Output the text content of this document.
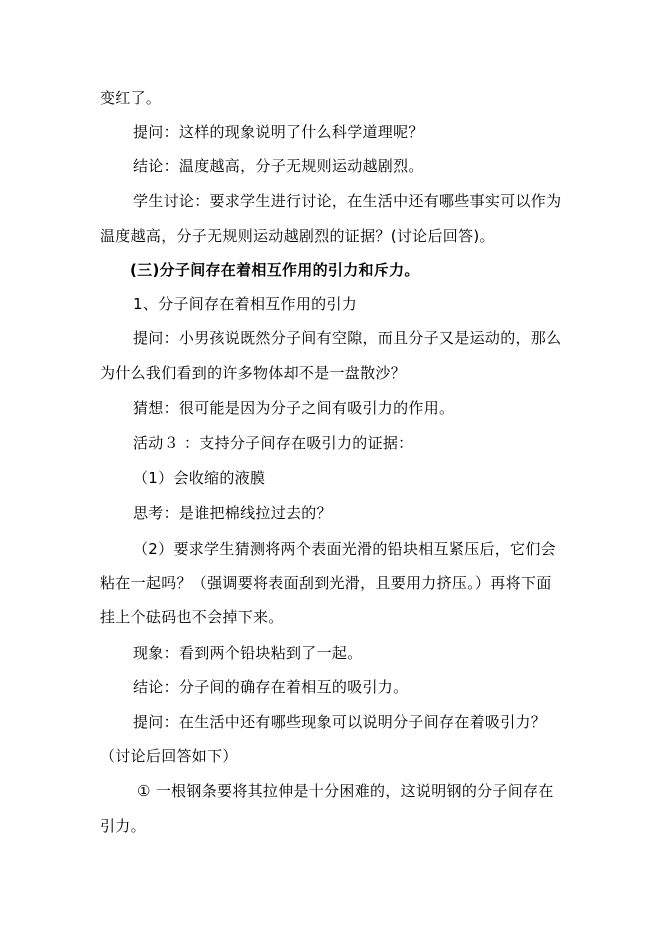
变红了。
提问：这样的现象说明了什么科学道理呢？
结论：温度越高，分子无规则运动越剧烈。
学生讨论：要求学生进行讨论，在生活中还有哪些事实可以作为
温度越高，分子无规则运动越剧烈的证据？(讨论后回答)。
(三)分子间存在着相互作用的引力和斥力。
1、分子间存在着相互作用的引力
提问：小男孩说既然分子间有空隙，而且分子又是运动的，那么
为什么我们看到的许多物体却不是一盘散沙？
猜想：很可能是因为分子之间有吸引力的作用。
活动３ ：支持分子间存在吸引力的证据：
（1）会收缩的液膜
思考：是谁把棉线拉过去的？
（2）要求学生猜测将两个表面光滑的铅块相互紧压后，它们会
粘在一起吗？（强调要将表面刮到光滑，且要用力挤压。）再将下面
挂上个砝码也不会掉下来。
现象：看到两个铅块粘到了一起。
结论：分子间的确存在着相互的吸引力。
提问：在生活中还有哪些现象可以说明分子间存在着吸引力？
（讨论后回答如下）
① 一根钢条要将其拉伸是十分困难的，这说明钢的分子间存在
引力。
